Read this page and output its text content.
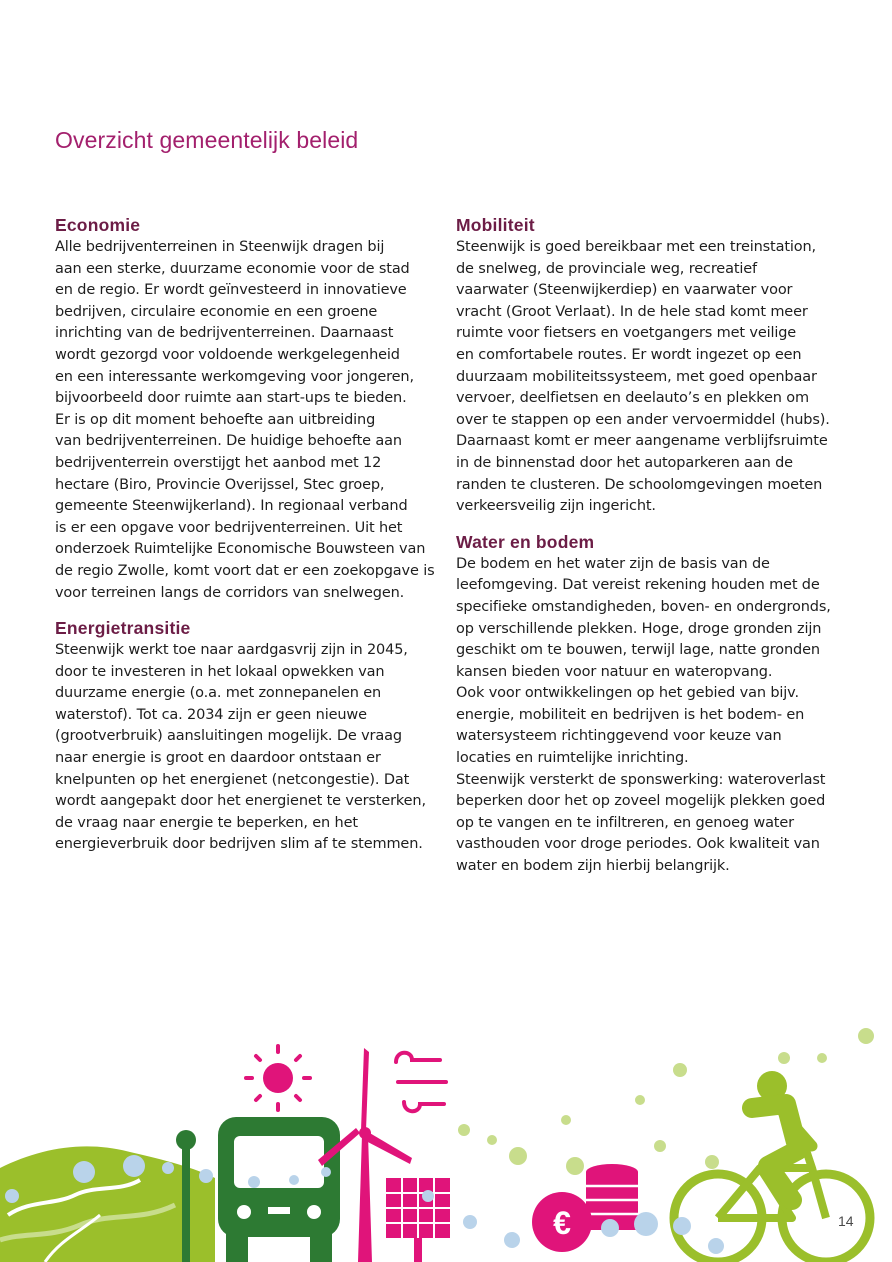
Overzicht gemeentelijk beleid
Economie

Alle bedrijventerreinen in Steenwijk dragen bij
aan een sterke, duurzame economie voor de stad
en de regio. Er wordt geïnvesteerd in innovatieve
bedrijven, circulaire economie en een groene
inrichting van de bedrijventerreinen. Daarnaast
wordt gezorgd voor voldoende werkgelegenheid
en een interessante werkomgeving voor jongeren,
bijvoorbeeld door ruimte aan start-ups te bieden.
Er is op dit moment behoefte aan uitbreiding
van bedrijventerreinen. De huidige behoefte aan
bedrijventerrein overstijgt het aanbod met 12
hectare (Biro, Provincie Overijssel, Stec groep,
gemeente Steenwijkerland). In regionaal verband
is er een opgave voor bedrijventerreinen. Uit het
onderzoek Ruimtelijke Economische Bouwsteen van
de regio Zwolle, komt voort dat er een zoekopgave is
voor terreinen langs de corridors van snelwegen.

Energietransitie

Steenwijk werkt toe naar aardgasvrij zijn in 2045,
door te investeren in het lokaal opwekken van
duurzame energie (o.a. met zonnepanelen en
waterstof). Tot ca. 2034 zijn er geen nieuwe
(grootverbruik) aansluitingen mogelijk. De vraag
naar energie is groot en daardoor ontstaan er
knelpunten op het energienet (netcongestie). Dat
wordt aangepakt door het energienet te versterken,
de vraag naar energie te beperken, en het
energieverbruik door bedrijven slim af te stemmen.

Mobiliteit

Steenwijk is goed bereikbaar met een treinstation,
de snelweg, de provinciale weg, recreatief
vaarwater (Steenwijkerdiep) en vaarwater voor
vracht (Groot Verlaat). In de hele stad komt meer
ruimte voor fietsers en voetgangers met veilige
en comfortabele routes. Er wordt ingezet op een
duurzaam mobiliteitssysteem, met goed openbaar
vervoer, deelfietsen en deelauto’s en plekken om
over te stappen op een ander vervoermiddel (hubs).
Daarnaast komt er meer aangename verblijfsruimte
in de binnenstad door het autoparkeren aan de
randen te clusteren. De schoolomgevingen moeten
verkeersveilig zijn ingericht.

Water en bodem

De bodem en het water zijn de basis van de
leefomgeving. Dat vereist rekening houden met de
specifieke omstandigheden, boven- en ondergronds,
op verschillende plekken. Hoge, droge gronden zijn
geschikt om te bouwen, terwijl lage, natte gronden
kansen bieden voor natuur en wateropvang.
Ook voor ontwikkelingen op het gebied van bijv.
energie, mobiliteit en bedrijven is het bodem- en
watersysteem richtinggevend voor keuze van
locaties en ruimtelijke inrichting.
Steenwijk versterkt de sponswerking: wateroverlast
beperken door het op zoveel mogelijk plekken goed
op te vangen en te infiltreren, en genoeg water
vasthouden voor droge periodes. Ook kwaliteit van
water en bodem zijn hierbij belangrijk.

€	14
